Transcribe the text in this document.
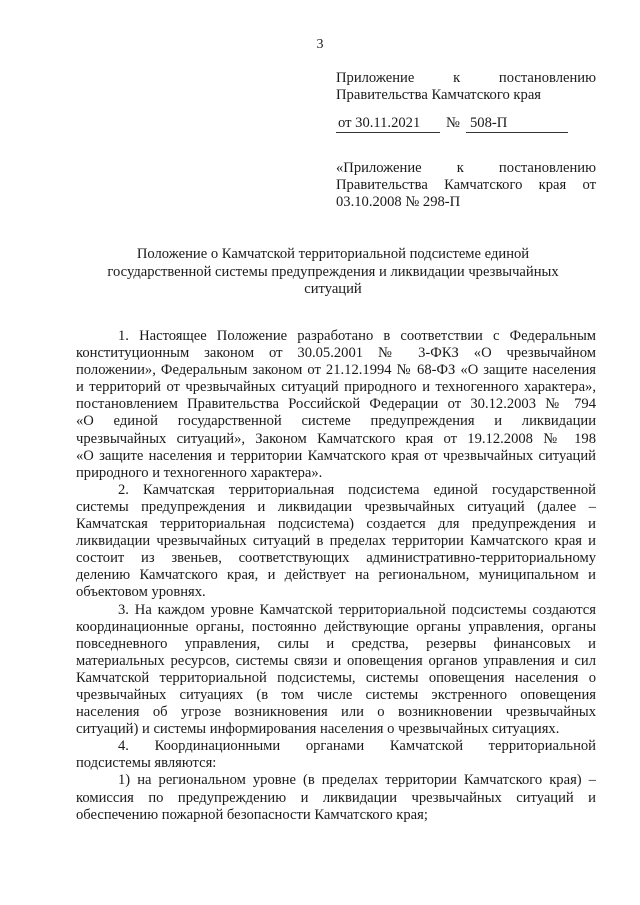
3
Приложение	к	постановлению
Правительства Камчатского края
от 30.11.2021 № 508-П
«Приложение к постановлению
Правительства Камчатского края от
03.10.2008 № 298-П
Положение о Камчатской территориальной подсистеме единой
государственной системы предупреждения и ликвидации чрезвычайных
ситуаций
1. Настоящее Положение разработано в соответствии с Федеральным
конституционным законом от 30.05.2001 № 3-ФКЗ «О чрезвычайном
положении», Федеральным законом от 21.12.1994 № 68-ФЗ «О защите населения
и территорий от чрезвычайных ситуаций природного и техногенного характера»,
постановлением Правительства Российской Федерации от 30.12.2003 № 794
«О единой государственной системе предупреждения и ликвидации
чрезвычайных ситуаций», Законом Камчатского края от 19.12.2008 № 198
«О защите населения и территории Камчатского края от чрезвычайных ситуаций
природного и техногенного характера».
2. Камчатская территориальная подсистема единой государственной
системы предупреждения и ликвидации чрезвычайных ситуаций (далее –
Камчатская территориальная подсистема) создается для предупреждения и
ликвидации чрезвычайных ситуаций в пределах территории Камчатского края и
состоит из звеньев, соответствующих административно-территориальному
делению Камчатского края, и действует на региональном, муниципальном и
объектовом уровнях.
3. На каждом уровне Камчатской территориальной подсистемы создаются
координационные органы, постоянно действующие органы управления, органы
повседневного управления, силы и средства, резервы финансовых и
материальных ресурсов, системы связи и оповещения органов управления и сил
Камчатской территориальной подсистемы, системы оповещения населения о
чрезвычайных ситуациях (в том числе системы экстренного оповещения
населения об угрозе возникновения или о возникновении чрезвычайных
ситуаций) и системы информирования населения о чрезвычайных ситуациях.
4. Координационными органами Камчатской территориальной
подсистемы являются:
1) на региональном уровне (в пределах территории Камчатского края) –
комиссия по предупреждению и ликвидации чрезвычайных ситуаций и
обеспечению пожарной безопасности Камчатского края;
